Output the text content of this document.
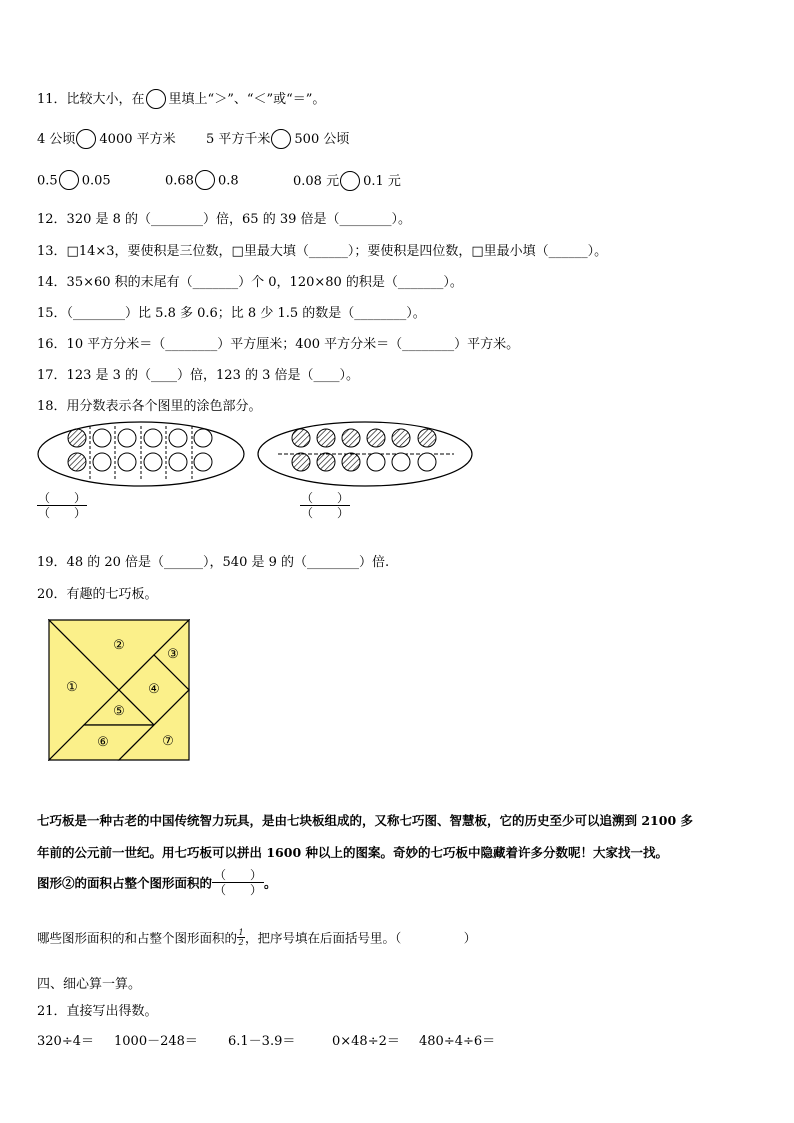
11．比较大小，在 里填上“＞”、“＜”或“＝”。
4 公顷 4000 平方米 5 平方千米 500 公顷
0.5 0.05	0.68 0.8	0.08 元 0.1 元
12．320 是 8 的（________）倍，65 的 39 倍是（________）。
13．□14×3，要使积是三位数，□里最大填（______）；要使积是四位数，□里最小填（______）。
14．35×60 积的末尾有（_______）个 0，120×80 的积是（_______）。
15．（________）比 5.8 多 0.6；比 8 少 1.5 的数是（________）。
16．10 平方分米＝（________）平方厘米；400 平方分米＝（________）平方米。
17．123 是 3 的（____）倍，123 的 3 倍是（____）。
18．用分数表示各个图里的涂色部分。
$\frac{( )}{( )}$	$\frac{( )}{( )}$
19．48 的 20 倍是（______），540 是 9 的（________）倍.
20．有趣的七巧板。
①
②
③
④
⑤
⑥	⑦
七巧板是一种古老的中国传统智力玩具，是由七块板组成的，又称七巧图、智慧板，它的历史至少可以追溯到 2100 多
年前的公元前一世纪。用七巧板可以拼出 1600 种以上的图案。奇妙的七巧板中隐藏着许多分数呢！大家找一找。
图形②的面积占整个图形面积的 $\frac{( )}{( )}$ 。
哪些图形面积的和占整个图形面积的 $\frac{1}{2}$ ，把序号填在后面括号里。（　　　　　）
四、细心算一算。
21．直接写出得数。
320÷4＝ 1000－248＝ 6.1－3.9＝	0×48÷2＝ 480÷4÷6＝
